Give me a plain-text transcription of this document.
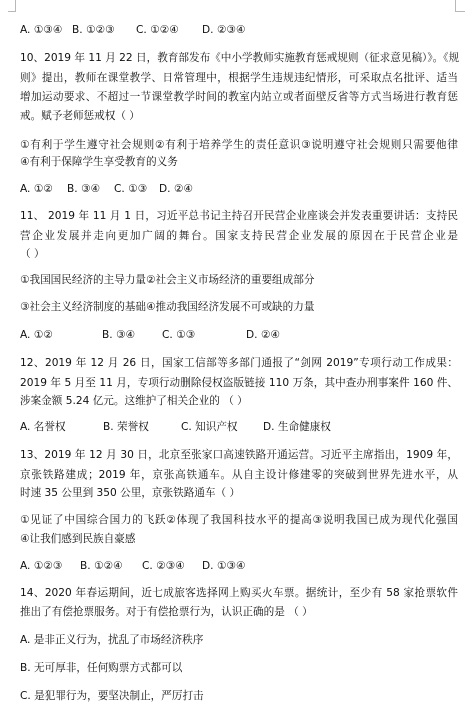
A. ①③④ B. ①②③ C. ①②④ D. ②③④
10、2019 年 11 月 22 日，教育部发布《中小学教师实施教育惩戒规则（征求意见稿）》。《规
则》提出，教师在课堂教学、日常管理中，根据学生违规违纪情形，可采取点名批评、适当
增加运动要求、不超过一节课堂教学时间的教室内站立或者面壁反省等方式当场进行教育惩
戒。赋予老师惩戒权（ ）
①有利于学生遵守社会规则②有利于培养学生的责任意识③说明遵守社会规则只需要他律
④有利于保障学生享受教育的义务
A. ①② B. ③④ C. ①③ D. ②④
11、 2019 年 11 月 1 日，习近平总书记主持召开民营企业座谈会并发表重要讲话：支持民
营企业发展并走向更加广阔的舞台。国家支持民营企业发展的原因在于民营企业是
（ ）
①我国国民经济的主导力量②社会主义市场经济的重要组成部分
③社会主义经济制度的基础④推动我国经济发展不可或缺的力量
A. ①②	B. ③④	C. ①③	D. ②④
12、2019 年 12 月 26 日，国家工信部等多部门通报了“剑网 2019”专项行动工作成果：
2019 年 5 月至 11 月，专项行动删除侵权盗版链接 110 万条，其中查办刑事案件 160 件、
涉案金额 5.24 亿元。这维护了相关企业的 （ ）
A. 名誉权	B. 荣誉权	C. 知识产权 D. 生命健康权
13、2019 年 12 月 30 日，北京至张家口高速铁路开通运营。习近平主席指出，1909 年，
京张铁路建成；2019 年，京张高铁通车。从自主设计修建零的突破到世界先进水平，从
时速 35 公里到 350 公里，京张铁路通车（ ）
①见证了中国综合国力的飞跃②体现了我国科技水平的提高③说明我国已成为现代化强国
④让我们感到民族自豪感
A. ①②③ B. ①②④ C. ②③④ D. ①③④
14、2020 年春运期间，近七成旅客选择网上购买火车票。据统计，至少有 58 家抢票软件
推出了有偿抢票服务。对于有偿抢票行为，认识正确的是 （ ）
A. 是非正义行为，扰乱了市场经济秩序
B. 无可厚非，任何购票方式都可以
C. 是犯罪行为，要坚决制止，严厉打击
